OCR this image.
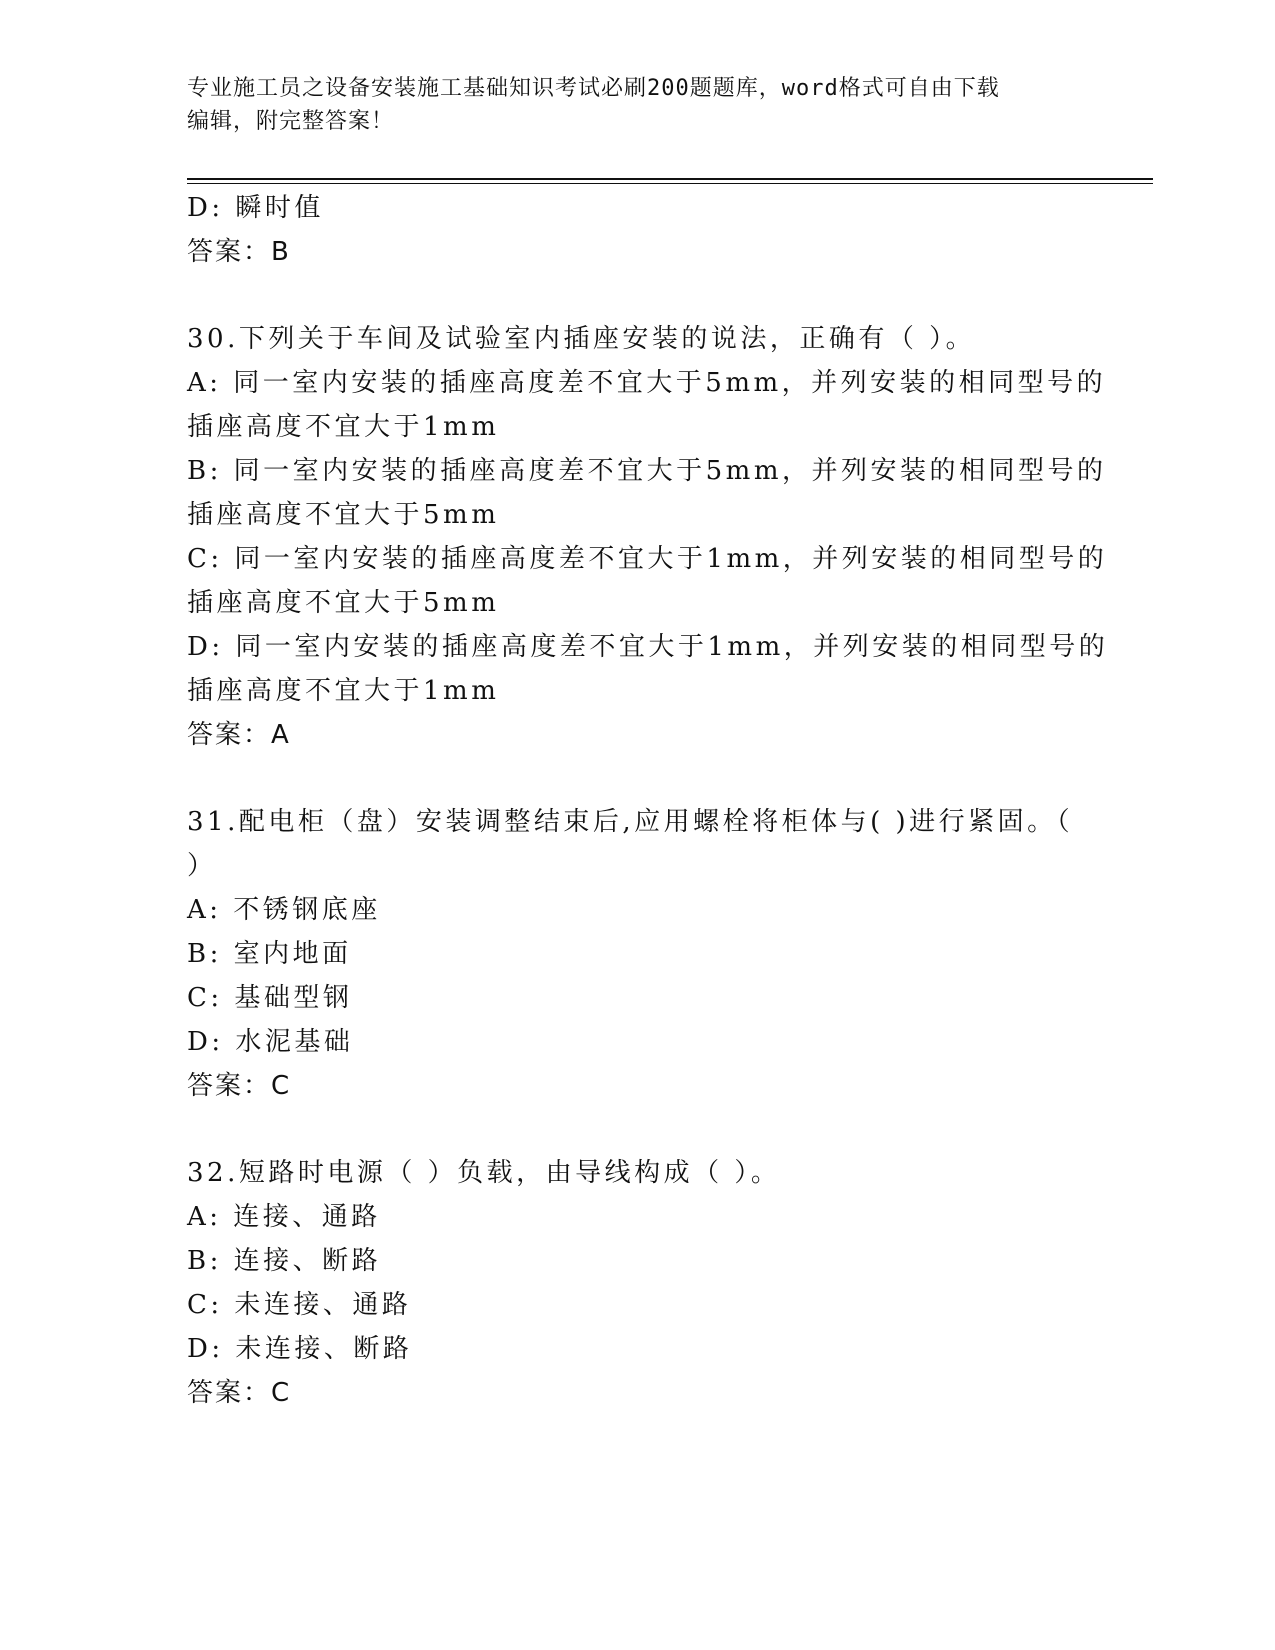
专业施工员之设备安装施工基础知识考试必刷200题题库，word格式可自由下载
编辑，附完整答案！
D: 瞬时值
答案：B
30.下列关于车间及试验室内插座安装的说法，正确有（ ）。
A: 同一室内安装的插座高度差不宜大于5mm，并列安装的相同型号的
插座高度不宜大于1mm
B: 同一室内安装的插座高度差不宜大于5mm，并列安装的相同型号的
插座高度不宜大于5mm
C: 同一室内安装的插座高度差不宜大于1mm，并列安装的相同型号的
插座高度不宜大于5mm
D: 同一室内安装的插座高度差不宜大于1mm，并列安装的相同型号的
插座高度不宜大于1mm
答案：A
31.配电柜（盘）安装调整结束后,应用螺栓将柜体与( )进行紧固。（
）
A: 不锈钢底座
B: 室内地面
C: 基础型钢
D: 水泥基础
答案：C
32.短路时电源（ ）负载，由导线构成（ ）。
A: 连接、通路
B: 连接、断路
C: 未连接、通路
D: 未连接、断路
答案：C
